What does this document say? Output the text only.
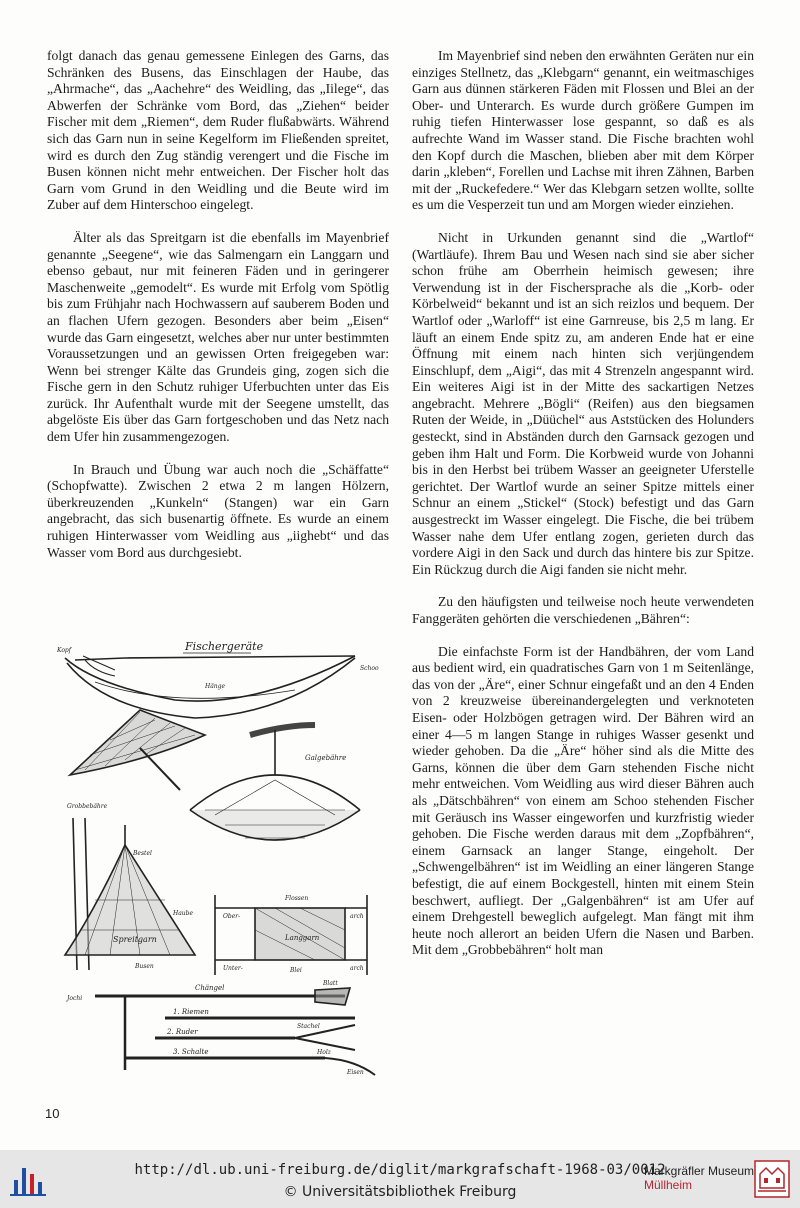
folgt danach das genau gemessene Einlegen des Garns, das Schränken des Busens, das Einschlagen der Haube, das „Ahrmache“, das „Aachehre“ des Weidling, das „Iilege“, das Abwerfen der Schränke vom Bord, das „Ziehen“ beider Fischer mit dem „Riemen“, dem Ruder flußabwärts. Während sich das Garn nun in seine Kegelform im Fließenden spreitet, wird es durch den Zug ständig verengert und die Fische im Busen können nicht mehr entweichen. Der Fischer holt das Garn vom Grund in den Weidling und die Beute wird im Zuber auf dem Hinterschoo eingelegt.

Älter als das Spreitgarn ist die ebenfalls im Mayenbrief genannte „Seegene“, wie das Salmengarn ein Langgarn und ebenso gebaut, nur mit feineren Fäden und in geringerer Maschenweite „gemodelt“. Es wurde mit Erfolg vom Spötlig bis zum Frühjahr nach Hochwassern auf sauberem Boden und an flachen Ufern gezogen. Besonders aber beim „Eisen“ wurde das Garn eingesetzt, welches aber nur unter bestimmten Voraussetzungen und an gewissen Orten freigegeben war: Wenn bei strenger Kälte das Grundeis ging, zogen sich die Fische gern in den Schutz ruhiger Uferbuchten unter das Eis zurück. Ihr Aufenthalt wurde mit der Seegene umstellt, das abgelöste Eis über das Garn fortgeschoben und das Netz nach dem Ufer hin zusammengezogen.

In Brauch und Übung war auch noch die „Schäffatte“ (Schopfwatte). Zwischen 2 etwa 2 m langen Hölzern, überkreuzenden „Kunkeln“ (Stangen) war ein Garn angebracht, das sich busenartig öffnete. Es wurde an einem ruhigen Hinterwasser vom Weidling aus „iighebt“ und das Wasser vom Bord aus durchgesiebt.

Im Mayenbrief sind neben den erwähnten Geräten nur ein einziges Stellnetz, das „Klebgarn“ genannt, ein weitmaschiges Garn aus dünnen stärkeren Fäden mit Flossen und Blei an der Ober- und Unterarch. Es wurde durch größere Gumpen im ruhig tiefen Hinterwasser lose gespannt, so daß es als aufrechte Wand im Wasser stand. Die Fische brachten wohl den Kopf durch die Maschen, blieben aber mit dem Körper darin „kleben“, Forellen und Lachse mit ihren Zähnen, Barben mit der „Ruckefedere.“ Wer das Klebgarn setzen wollte, sollte es um die Vesperzeit tun und am Morgen wieder einziehen.

Nicht in Urkunden genannt sind die „Wartlof“ (Wartläufe). Ihrem Bau und Wesen nach sind sie aber sicher schon frühe am Oberrhein heimisch gewesen; ihre Verwendung ist in der Fischersprache als die „Korb- oder Körbelweid“ bekannt und ist an sich reizlos und bequem. Der Wartlof oder „Warloff“ ist eine Garnreuse, bis 2,5 m lang. Er läuft an einem Ende spitz zu, am anderen Ende hat er eine Öffnung mit einem nach hinten sich verjüngendem Einschlupf, dem „Aigi“, das mit 4 Strenzeln angespannt wird. Ein weiteres Aigi ist in der Mitte des sackartigen Netzes angebracht. Mehrere „Bögli“ (Reifen) aus den biegsamen Ruten der Weide, in „Düüchel“ aus Aststücken des Holunders gesteckt, sind in Abständen durch den Garnsack gezogen und geben ihm Halt und Form. Die Korbweid wurde von Johanni bis in den Herbst bei trübem Wasser an geeigneter Uferstelle gerichtet. Der Wartlof wurde an seiner Spitze mittels einer Schnur an einem „Stickel“ (Stock) befestigt und das Garn ausgestreckt im Wasser eingelegt. Die Fische, die bei trübem Wasser nahe dem Ufer entlang zogen, gerieten durch das vordere Aigi in den Sack und durch das hintere bis zur Spitze. Ein Rückzug durch die Aigi fanden sie nicht mehr.

Zu den häufigsten und teilweise noch heute verwendeten Fanggeräten gehörten die verschiedenen „Bähren“:

Die einfachste Form ist der Handbähren, der vom Land aus bedient wird, ein quadratisches Garn von 1 m Seitenlänge, das von der „Äre“, einer Schnur eingefaßt und an den 4 Enden von 2 kreuzweise übereinandergelegten und verknoteten Eisen- oder Holzbögen getragen wird. Der Bähren wird an einer 4—5 m langen Stange in ruhiges Wasser gesenkt und wieder gehoben. Da die „Äre“ höher sind als die Mitte des Garns, können die über dem Garn stehenden Fische nicht mehr entweichen. Vom Weidling aus wird dieser Bähren auch als „Dätschbähren“ von einem am Schoo stehenden Fischer mit Geräusch ins Wasser eingeworfen und kurzfristig wieder gehoben. Die Fische werden daraus mit dem „Zopfbähren“, einem Garnsack an langer Stange, eingeholt. Der „Schwengelbähren“ ist im Weidling an einer längeren Stange befestigt, die auf einem Bockgestell, hinten mit einem Stein beschwert, aufliegt. Der „Galgenbähren“ ist am Ufer auf einem Drehgestell beweglich aufgelegt. Man fängt mit ihm heute noch allerort an beiden Ufern die Nasen und Barben. Mit dem „Grobbebähren“ holt man

Fischergeräte
Kopf
Schoo
Hänge
Grobbebähre
Galgebähre
Bestel
Haube
Spreitgarn
Busen
Flossen
Ober-
Unter-
Langgarn
Blei
arch
arch
Chängel
Blatt
Jochi
1. Riemen
2. Ruder
Stachel
3. Schalte	Holz
Eisen
10
http://dl.ub.uni-freiburg.de/diglit/markgrafschaft-1968-03/0012
© Universitätsbibliothek Freiburg
Markgräfler Museum
Müllheim
